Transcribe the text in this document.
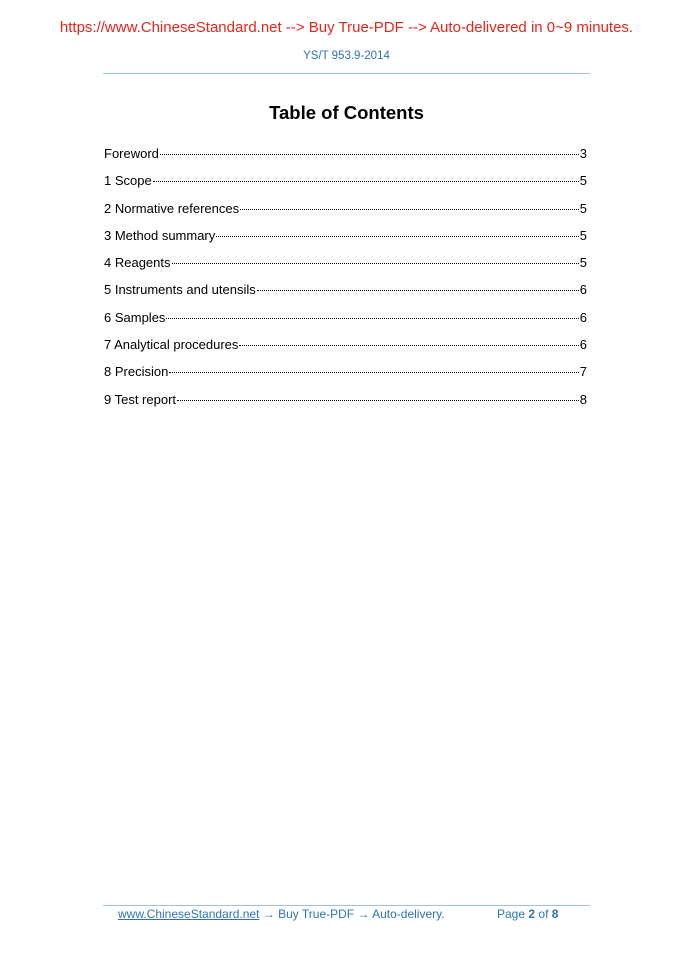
https://www.ChineseStandard.net --> Buy True-PDF --> Auto-delivered in 0~9 minutes.
YS/T 953.9-2014
Table of Contents
Foreword	3
1 Scope	5
2 Normative references	5
3 Method summary	5
4 Reagents	5
5 Instruments and utensils	6
6 Samples	6
7 Analytical procedures	6
8 Precision	7
9 Test report	8
www.ChineseStandard.net → Buy True-PDF → Auto-delivery.	Page 2 of 8
